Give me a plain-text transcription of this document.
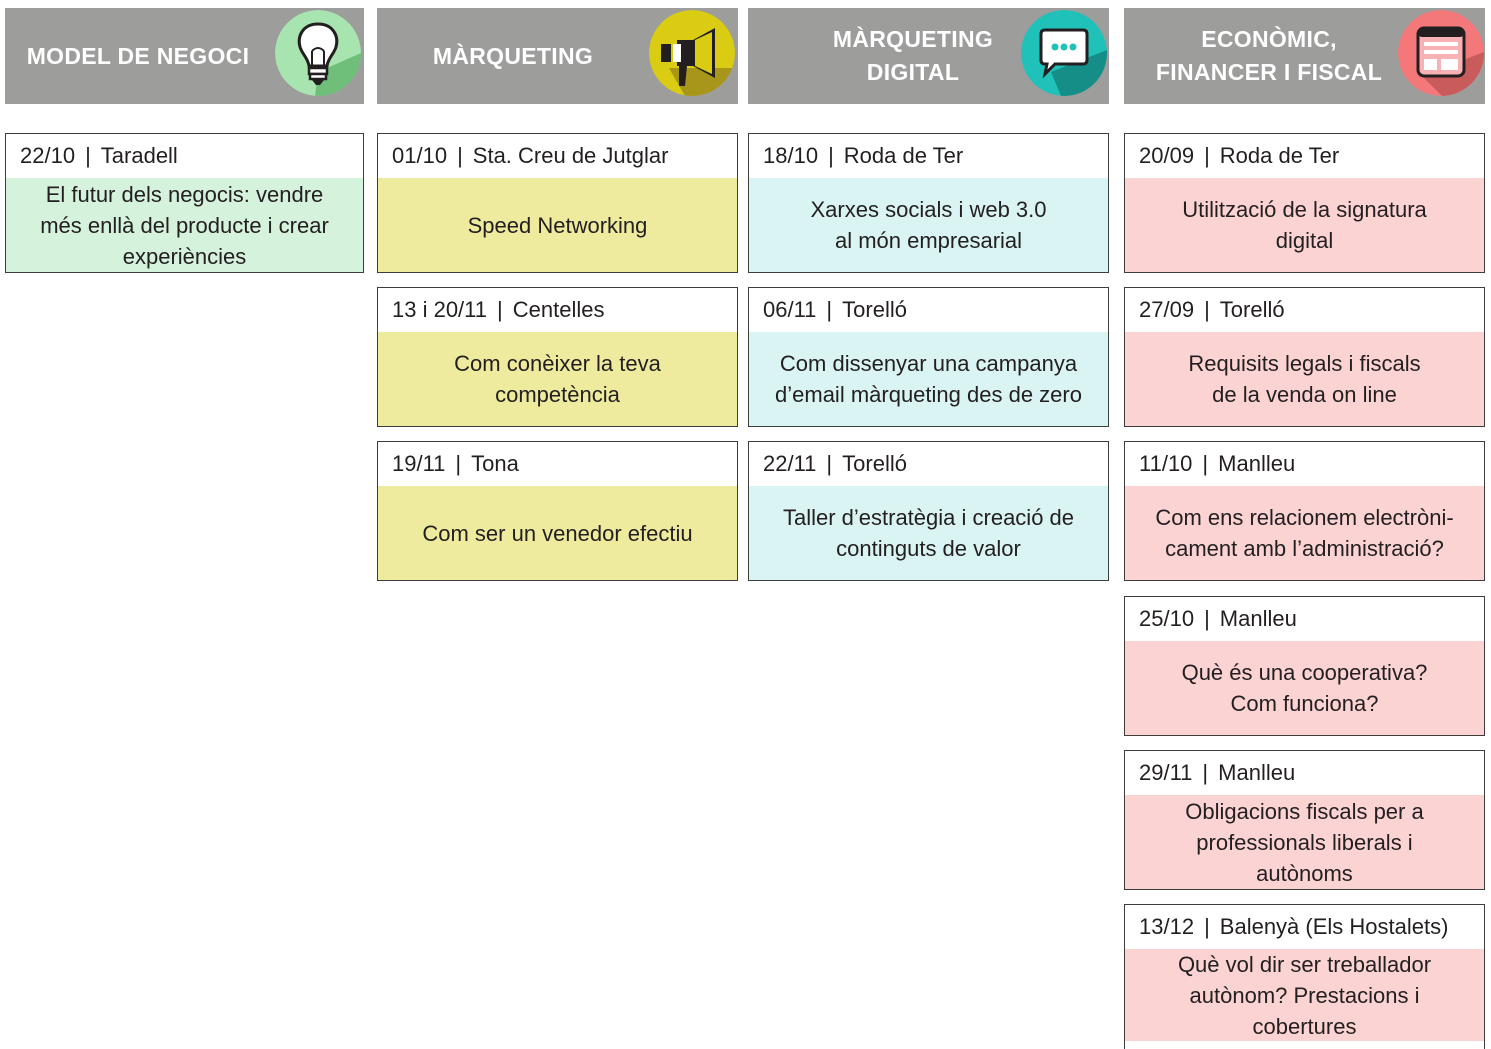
MODEL DE NEGOCI
22/10 | Taradell
El futur dels negocis: vendre
més enllà del producte i crear
experiències
MÀRQUETING
01/10 | Sta. Creu de Jutglar
Speed Networking
13 i 20/11 | Centelles
Com conèixer la teva
competència
19/11 | Tona
Com ser un venedor efectiu
MÀRQUETING
DIGITAL
18/10 | Roda de Ter
Xarxes socials i web 3.0
al món empresarial
06/11 | Torelló
Com dissenyar una campanya
d’email màrqueting des de zero
22/11 | Torelló
Taller d’estratègia i creació de
continguts de valor
ECONÒMIC,
FINANCER I FISCAL
20/09 | Roda de Ter
Utilització de la signatura
digital
27/09 | Torelló
Requisits legals i fiscals
de la venda on line
11/10 | Manlleu
Com ens relacionem electròni-
cament amb l’administració?
25/10 | Manlleu
Què és una cooperativa?
Com funciona?
29/11 | Manlleu
Obligacions fiscals per a
professionals liberals i
autònoms
13/12 | Balenyà (Els Hostalets)
Què vol dir ser treballador
autònom? Prestacions i
cobertures
